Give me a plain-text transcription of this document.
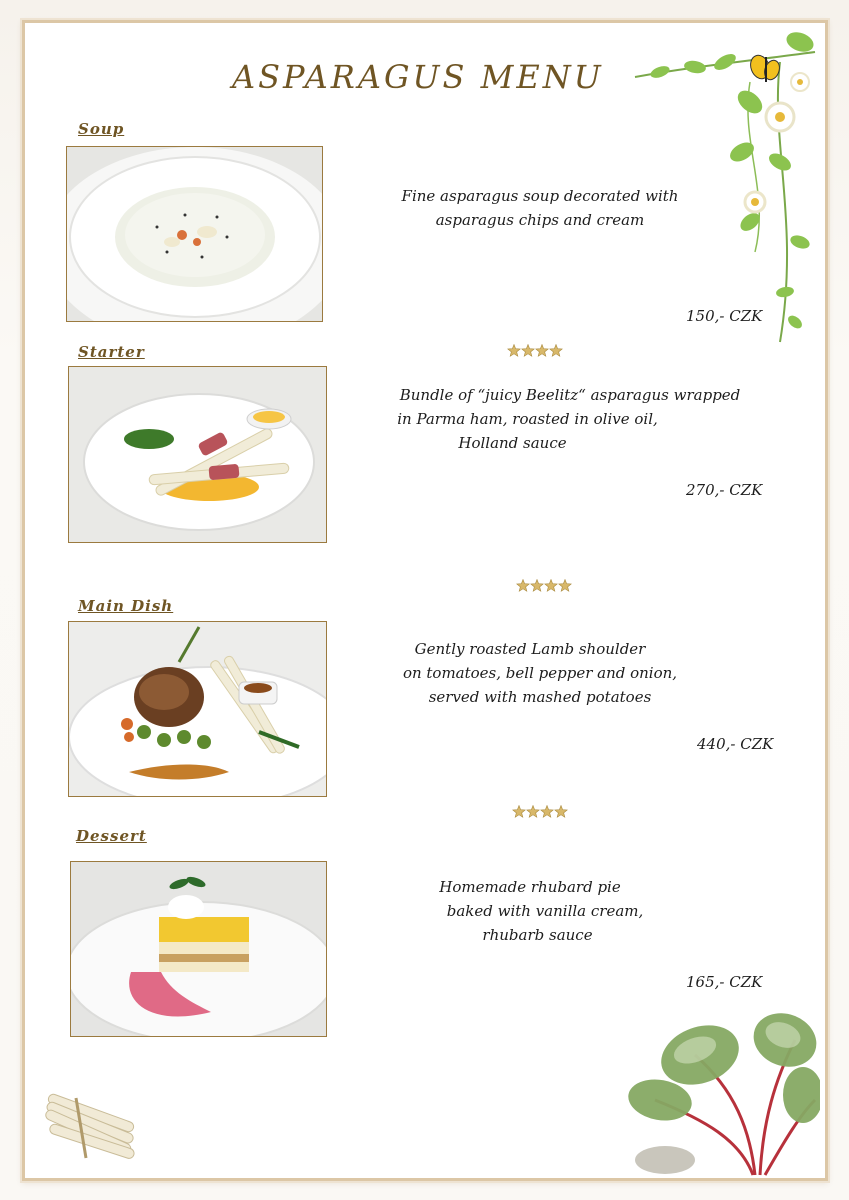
ASPARAGUS MENU
Soup
Fine asparagus soup decorated with
asparagus chips and cream
150,- CZK
Starter
Bundle of “juicy Beelitz“ asparagus wrapped
in Parma ham, roasted in olive oil,
Holland sauce
270,- CZK
Main Dish
Gently roasted Lamb shoulder
on tomatoes, bell pepper and onion,
served with mashed potatoes
440,- CZK
Dessert
Homemade rhubard pie
baked with vanilla cream,
rhubarb sauce
165,- CZK
